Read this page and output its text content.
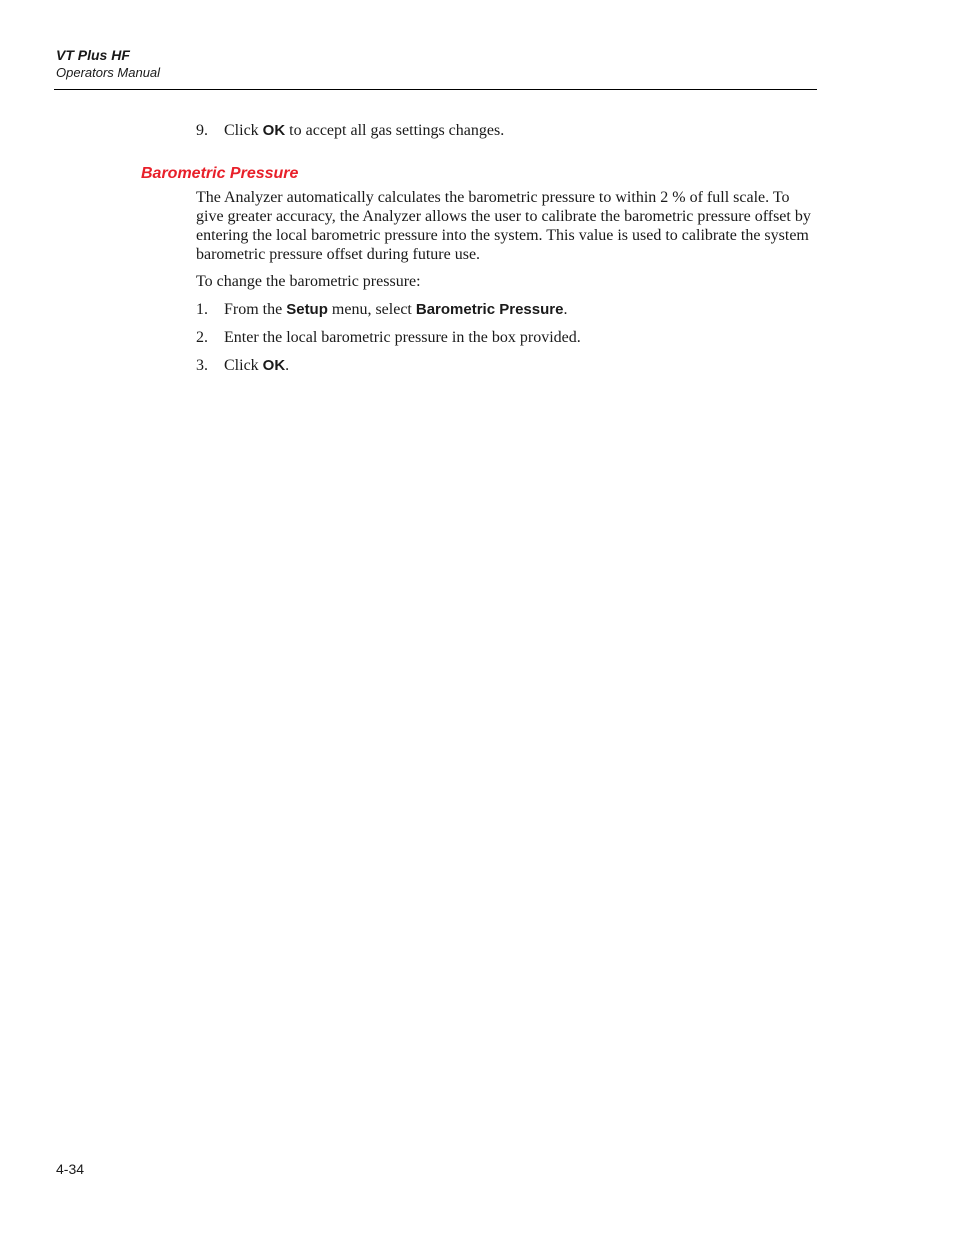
VT Plus HF

Operators Manual

9. Click OK to accept all gas settings changes.
Barometric Pressure

The Analyzer automatically calculates the barometric pressure to within 2 % of full scale. To give greater accuracy, the Analyzer allows the user to calibrate the barometric pressure offset by entering the local barometric pressure into the system. This value is used to calibrate the system barometric pressure offset during future use.

To change the barometric pressure:

1. From the Setup menu, select Barometric Pressure.
2. Enter the local barometric pressure in the box provided.
3. Click OK.
4-34
